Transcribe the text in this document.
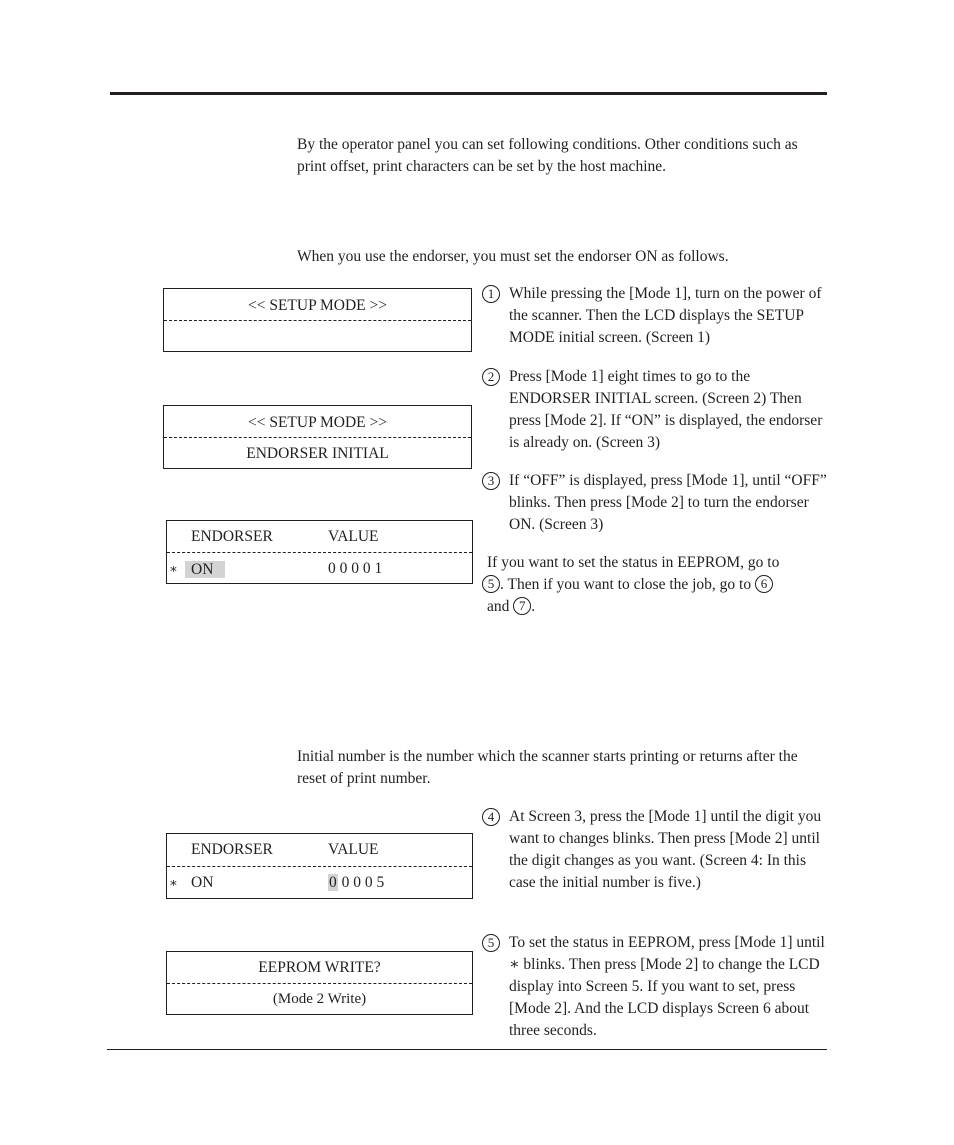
By the operator panel you can set following conditions. Other conditions such as print offset, print characters can be set by the host machine.
When you use the endorser, you must set the endorser ON as follows.
<< SETUP MODE >>
<< SETUP MODE >>
ENDORSER INITIAL
ENDORSER	VALUE
∗ ON	0 0 0 0 1
1 While pressing the [Mode 1], turn on the power of the scanner. Then the LCD displays the SETUP MODE initial screen. (Screen 1)
2 Press [Mode 1] eight times to go to the ENDORSER INITIAL screen. (Screen 2) Then press [Mode 2]. If “ON” is displayed, the endorser is already on. (Screen 3)
3 If “OFF” is displayed, press [Mode 1], until “OFF” blinks. Then press [Mode 2] to turn the endorser ON. (Screen 3)
If you want to set the status in EEPROM, go to
5 . Then if you want to close the job, go to 6
and 7 .
Initial number is the number which the scanner starts printing or returns after the reset of print number.
ENDORSER	VALUE
∗ ON	0 0 0 0 5
EEPROM WRITE?
(Mode 2 Write)
4 At Screen 3, press the [Mode 1] until the digit you want to changes blinks. Then press [Mode 2] until the digit changes as you want. (Screen 4: In this case the initial number is five.)
5 To set the status in EEPROM, press [Mode 1] until ∗ blinks. Then press [Mode 2] to change the LCD display into Screen 5. If you want to set, press [Mode 2]. And the LCD displays Screen 6 about three seconds.
